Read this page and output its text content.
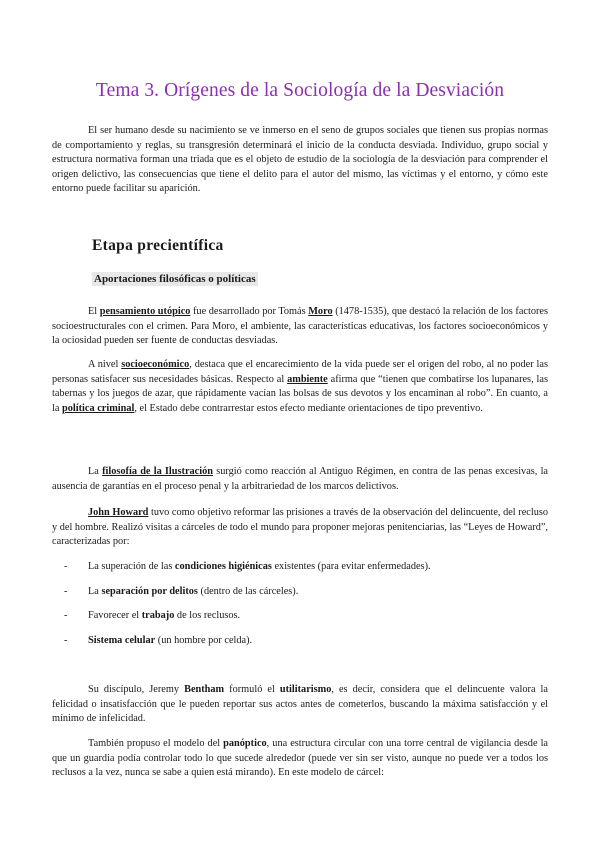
Tema 3. Orígenes de la Sociología de la Desviación

El ser humano desde su nacimiento se ve inmerso en el seno de grupos sociales que tienen sus propias normas de comportamiento y reglas, su transgresión determinará el inicio de la conducta desviada. Individuo, grupo social y estructura normativa forman una triada que es el objeto de estudio de la sociología de la desviación para comprender el origen delictivo, las consecuencias que tiene el delito para el autor del mismo, las víctimas y el entorno, y cómo este entorno puede facilitar su aparición.

Etapa precientífica
Aportaciones filosóficas o políticas

El pensamiento utópico fue desarrollado por Tomás Moro (1478-1535), que destacó la relación de los factores socioestructurales con el crimen. Para Moro, el ambiente, las características educativas, los factores socioeconómicos y la ociosidad pueden ser fuente de conductas desviadas.

A nivel socioeconómico, destaca que el encarecimiento de la vida puede ser el origen del robo, al no poder las personas satisfacer sus necesidades básicas. Respecto al ambiente afirma que “tienen que combatirse los lupanares, las tabernas y los juegos de azar, que rápidamente vacían las bolsas de sus devotos y los encaminan al robo”. En cuanto, a la política criminal, el Estado debe contrarrestar estos efecto mediante orientaciones de tipo preventivo.

La filosofía de la Ilustración surgió como reacción al Antiguo Régimen, en contra de las penas excesivas, la ausencia de garantías en el proceso penal y la arbitrariedad de los marcos delictivos.

John Howard tuvo como objetivo reformar las prisiones a través de la observación del delincuente, del recluso y del hombre. Realizó visitas a cárceles de todo el mundo para proponer mejoras penitenciarias, las “Leyes de Howard”, caracterizadas por:

- La superación de las condiciones higiénicas existentes (para evitar enfermedades).
- La separación por delitos (dentro de las cárceles).
- Favorecer el trabajo de los reclusos.
- Sistema celular (un hombre por celda).

Su discípulo, Jeremy Bentham formuló el utilitarismo, es decir, considera que el delincuente valora la felicidad o insatisfacción que le pueden reportar sus actos antes de cometerlos, buscando la máxima satisfacción y el mínimo de infelicidad.

También propuso el modelo del panóptico, una estructura circular con una torre central de vigilancia desde la que un guardia podía controlar todo lo que sucede alrededor (puede ver sin ser visto, aunque no puede ver a todos los reclusos a la vez, nunca se sabe a quien está mirando). En este modelo de cárcel:
